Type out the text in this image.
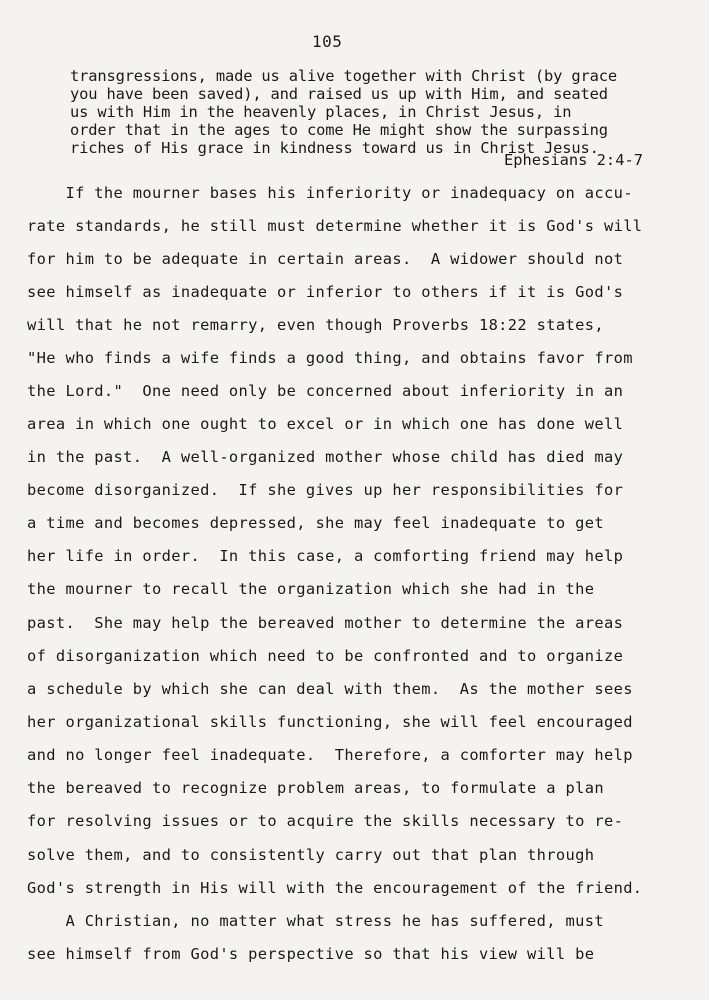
105
transgressions, made us alive together with Christ (by grace
you have been saved), and raised us up with Him, and seated
us with Him in the heavenly places, in Christ Jesus, in
order that in the ages to come He might show the surpassing
riches of His grace in kindness toward us in Christ Jesus.
Ephesians 2:4-7
If the mourner bases his inferiority or inadequacy on accu-
rate standards, he still must determine whether it is God's will
for him to be adequate in certain areas.  A widower should not
see himself as inadequate or inferior to others if it is God's
will that he not remarry, even though Proverbs 18:22 states,
"He who finds a wife finds a good thing, and obtains favor from
the Lord."  One need only be concerned about inferiority in an
area in which one ought to excel or in which one has done well
in the past.  A well-organized mother whose child has died may
become disorganized.  If she gives up her responsibilities for
a time and becomes depressed, she may feel inadequate to get
her life in order.  In this case, a comforting friend may help
the mourner to recall the organization which she had in the
past.  She may help the bereaved mother to determine the areas
of disorganization which need to be confronted and to organize
a schedule by which she can deal with them.  As the mother sees
her organizational skills functioning, she will feel encouraged
and no longer feel inadequate.  Therefore, a comforter may help
the bereaved to recognize problem areas, to formulate a plan
for resolving issues or to acquire the skills necessary to re-
solve them, and to consistently carry out that plan through
God's strength in His will with the encouragement of the friend.
A Christian, no matter what stress he has suffered, must
see himself from God's perspective so that his view will be
